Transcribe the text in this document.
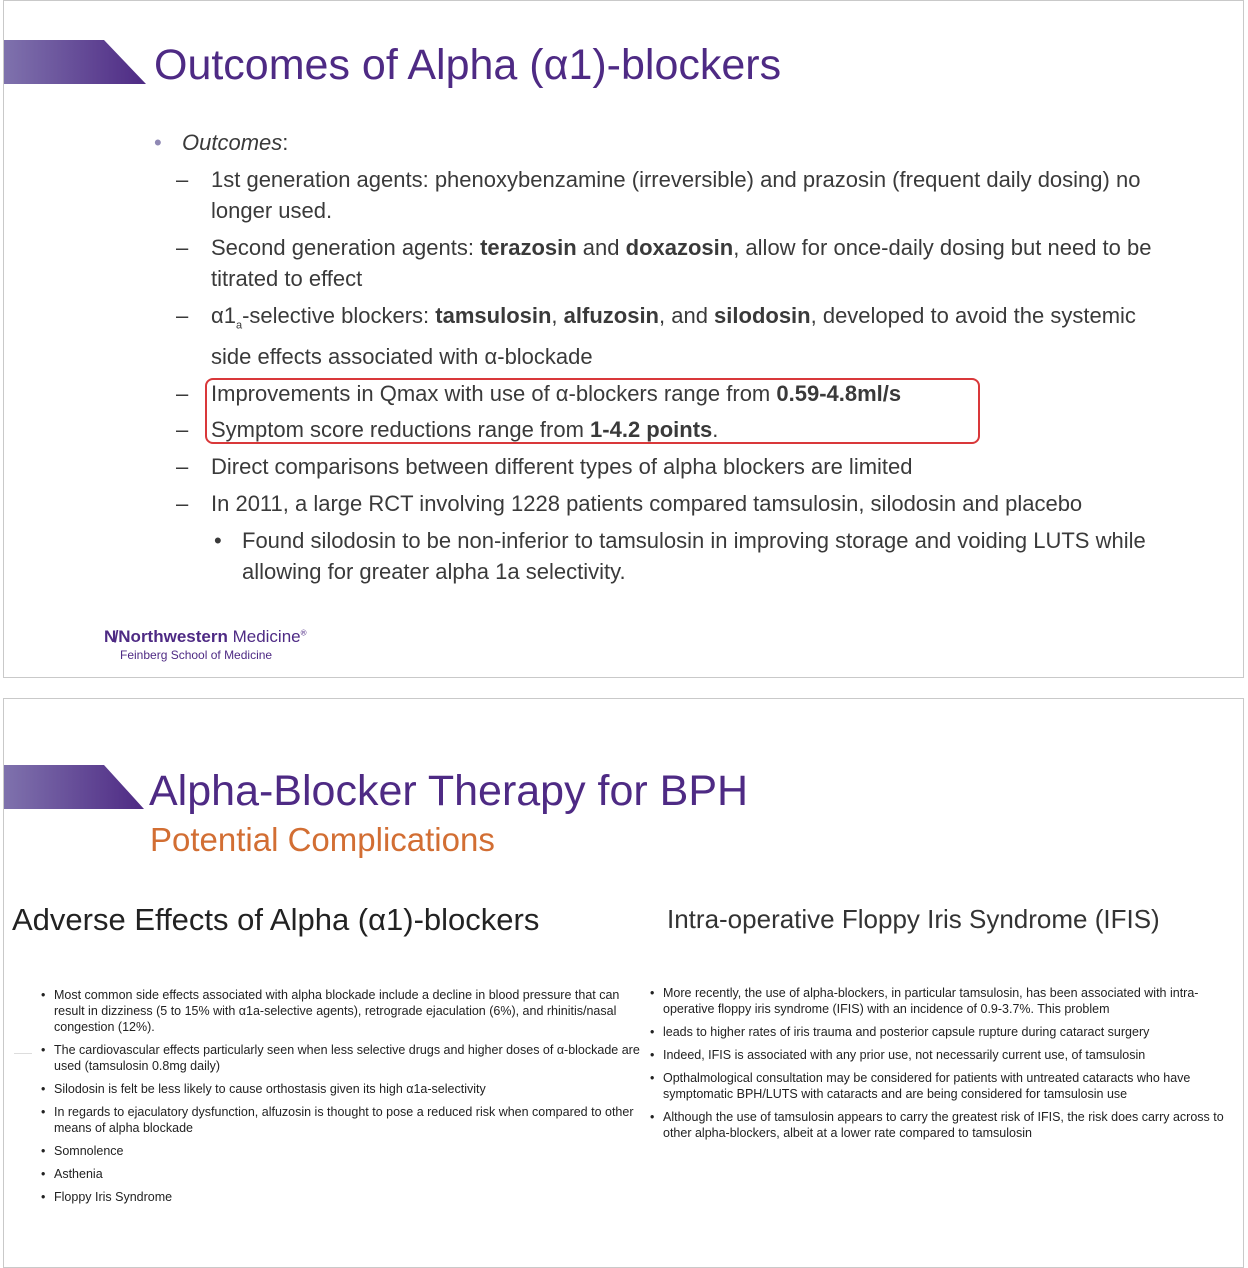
Outcomes of Alpha (α1)-blockers
• Outcomes:
– 1st generation agents: phenoxybenzamine (irreversible) and prazosin (frequent daily dosing) no longer used.
– Second generation agents: terazosin and doxazosin, allow for once-daily dosing but need to be titrated to effect
– $\alpha 1_a$-selective blockers: tamsulosin, alfuzosin, and silodosin, developed to avoid the systemic side effects associated with α-blockade
– Improvements in Qmax with use of α-blockers range from 0.59-4.8ml/s
– Symptom score reductions range from 1-4.2 points.
– Direct comparisons between different types of alpha blockers are limited
– In 2011, a large RCT involving 1228 patients compared tamsulosin, silodosin and placebo
• Found silodosin to be non-inferior to tamsulosin in improving storage and voiding LUTS while allowing for greater alpha 1a selectivity.
N̸ Northwestern Medicine®
Feinberg School of Medicine
Alpha-Blocker Therapy for BPH
Potential Complications
Adverse Effects of Alpha (α1)-blockers	Intra-operative Floppy Iris Syndrome (IFIS)
• Most common side effects associated with alpha blockade include a decline in blood pressure that can result in dizziness (5 to 15% with α1a-selective agents), retrograde ejaculation (6%), and rhinitis/nasal congestion (12%).
• The cardiovascular effects particularly seen when less selective drugs and higher doses of α-blockade are used (tamsulosin 0.8mg daily)
• Silodosin is felt be less likely to cause orthostasis given its high α1a-selectivity
• In regards to ejaculatory dysfunction, alfuzosin is thought to pose a reduced risk when compared to other means of alpha blockade
• Somnolence
• Asthenia
• Floppy Iris Syndrome
• More recently, the use of alpha-blockers, in particular tamsulosin, has been associated with intra-operative floppy iris syndrome (IFIS) with an incidence of 0.9-3.7%. This problem
• leads to higher rates of iris trauma and posterior capsule rupture during cataract surgery
• Indeed, IFIS is associated with any prior use, not necessarily current use, of tamsulosin
• Opthalmological consultation may be considered for patients with untreated cataracts who have symptomatic BPH/LUTS with cataracts and are being considered for tamsulosin use
• Although the use of tamsulosin appears to carry the greatest risk of IFIS, the risk does carry across to other alpha-blockers, albeit at a lower rate compared to tamsulosin
